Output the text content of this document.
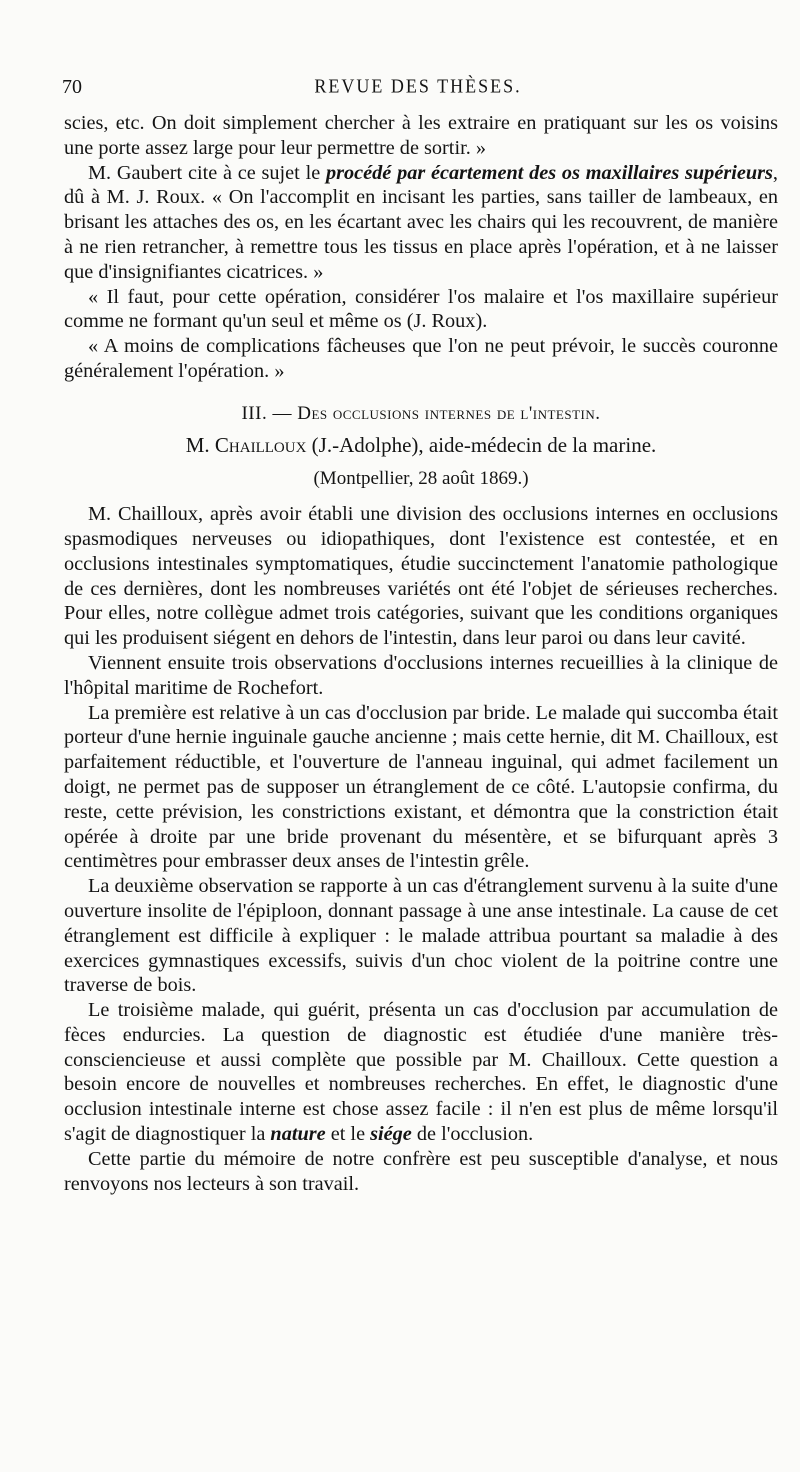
70	REVUE DES THÈSES.

scies, etc. On doit simplement chercher à les extraire en pratiquant sur les os voisins une porte assez large pour leur permettre de sortir. »

M. Gaubert cite à ce sujet le procédé par écartement des os maxillaires supérieurs, dû à M. J. Roux. « On l'accomplit en incisant les parties, sans tailler de lambeaux, en brisant les attaches des os, en les écartant avec les chairs qui les recouvrent, de manière à ne rien retrancher, à remettre tous les tissus en place après l'opération, et à ne laisser que d'insignifiantes cicatrices. »

« Il faut, pour cette opération, considérer l'os malaire et l'os maxillaire supérieur comme ne formant qu'un seul et même os (J. Roux).

« A moins de complications fâcheuses que l'on ne peut prévoir, le succès couronne généralement l'opération. »

III. — Des occlusions internes de l'intestin.
M. Chailloux (J.-Adolphe), aide-médecin de la marine.
(Montpellier, 28 août 1869.)

M. Chailloux, après avoir établi une division des occlusions internes en occlusions spasmodiques nerveuses ou idiopathiques, dont l'existence est contestée, et en occlusions intestinales symptomatiques, étudie succinctement l'anatomie pathologique de ces dernières, dont les nombreuses variétés ont été l'objet de sérieuses recherches. Pour elles, notre collègue admet trois catégories, suivant que les conditions organiques qui les produisent siégent en dehors de l'intestin, dans leur paroi ou dans leur cavité.

Viennent ensuite trois observations d'occlusions internes recueillies à la clinique de l'hôpital maritime de Rochefort.

La première est relative à un cas d'occlusion par bride. Le malade qui succomba était porteur d'une hernie inguinale gauche ancienne ; mais cette hernie, dit M. Chailloux, est parfaitement réductible, et l'ouverture de l'anneau inguinal, qui admet facilement un doigt, ne permet pas de supposer un étranglement de ce côté. L'autopsie confirma, du reste, cette prévision, les constrictions existant, et démontra que la constriction était opérée à droite par une bride provenant du mésentère, et se bifurquant après 3 centimètres pour embrasser deux anses de l'intestin grêle.

La deuxième observation se rapporte à un cas d'étranglement survenu à la suite d'une ouverture insolite de l'épiploon, donnant passage à une anse intestinale. La cause de cet étranglement est difficile à expliquer : le malade attribua pourtant sa maladie à des exercices gymnastiques excessifs, suivis d'un choc violent de la poitrine contre une traverse de bois.

Le troisième malade, qui guérit, présenta un cas d'occlusion par accumulation de fèces endurcies. La question de diagnostic est étudiée d'une manière très-consciencieuse et aussi complète que possible par M. Chailloux. Cette question a besoin encore de nouvelles et nombreuses recherches. En effet, le diagnostic d'une occlusion intestinale interne est chose assez facile : il n'en est plus de même lorsqu'il s'agit de diagnostiquer la nature et le siége de l'occlusion.

Cette partie du mémoire de notre confrère est peu susceptible d'analyse, et nous renvoyons nos lecteurs à son travail.
